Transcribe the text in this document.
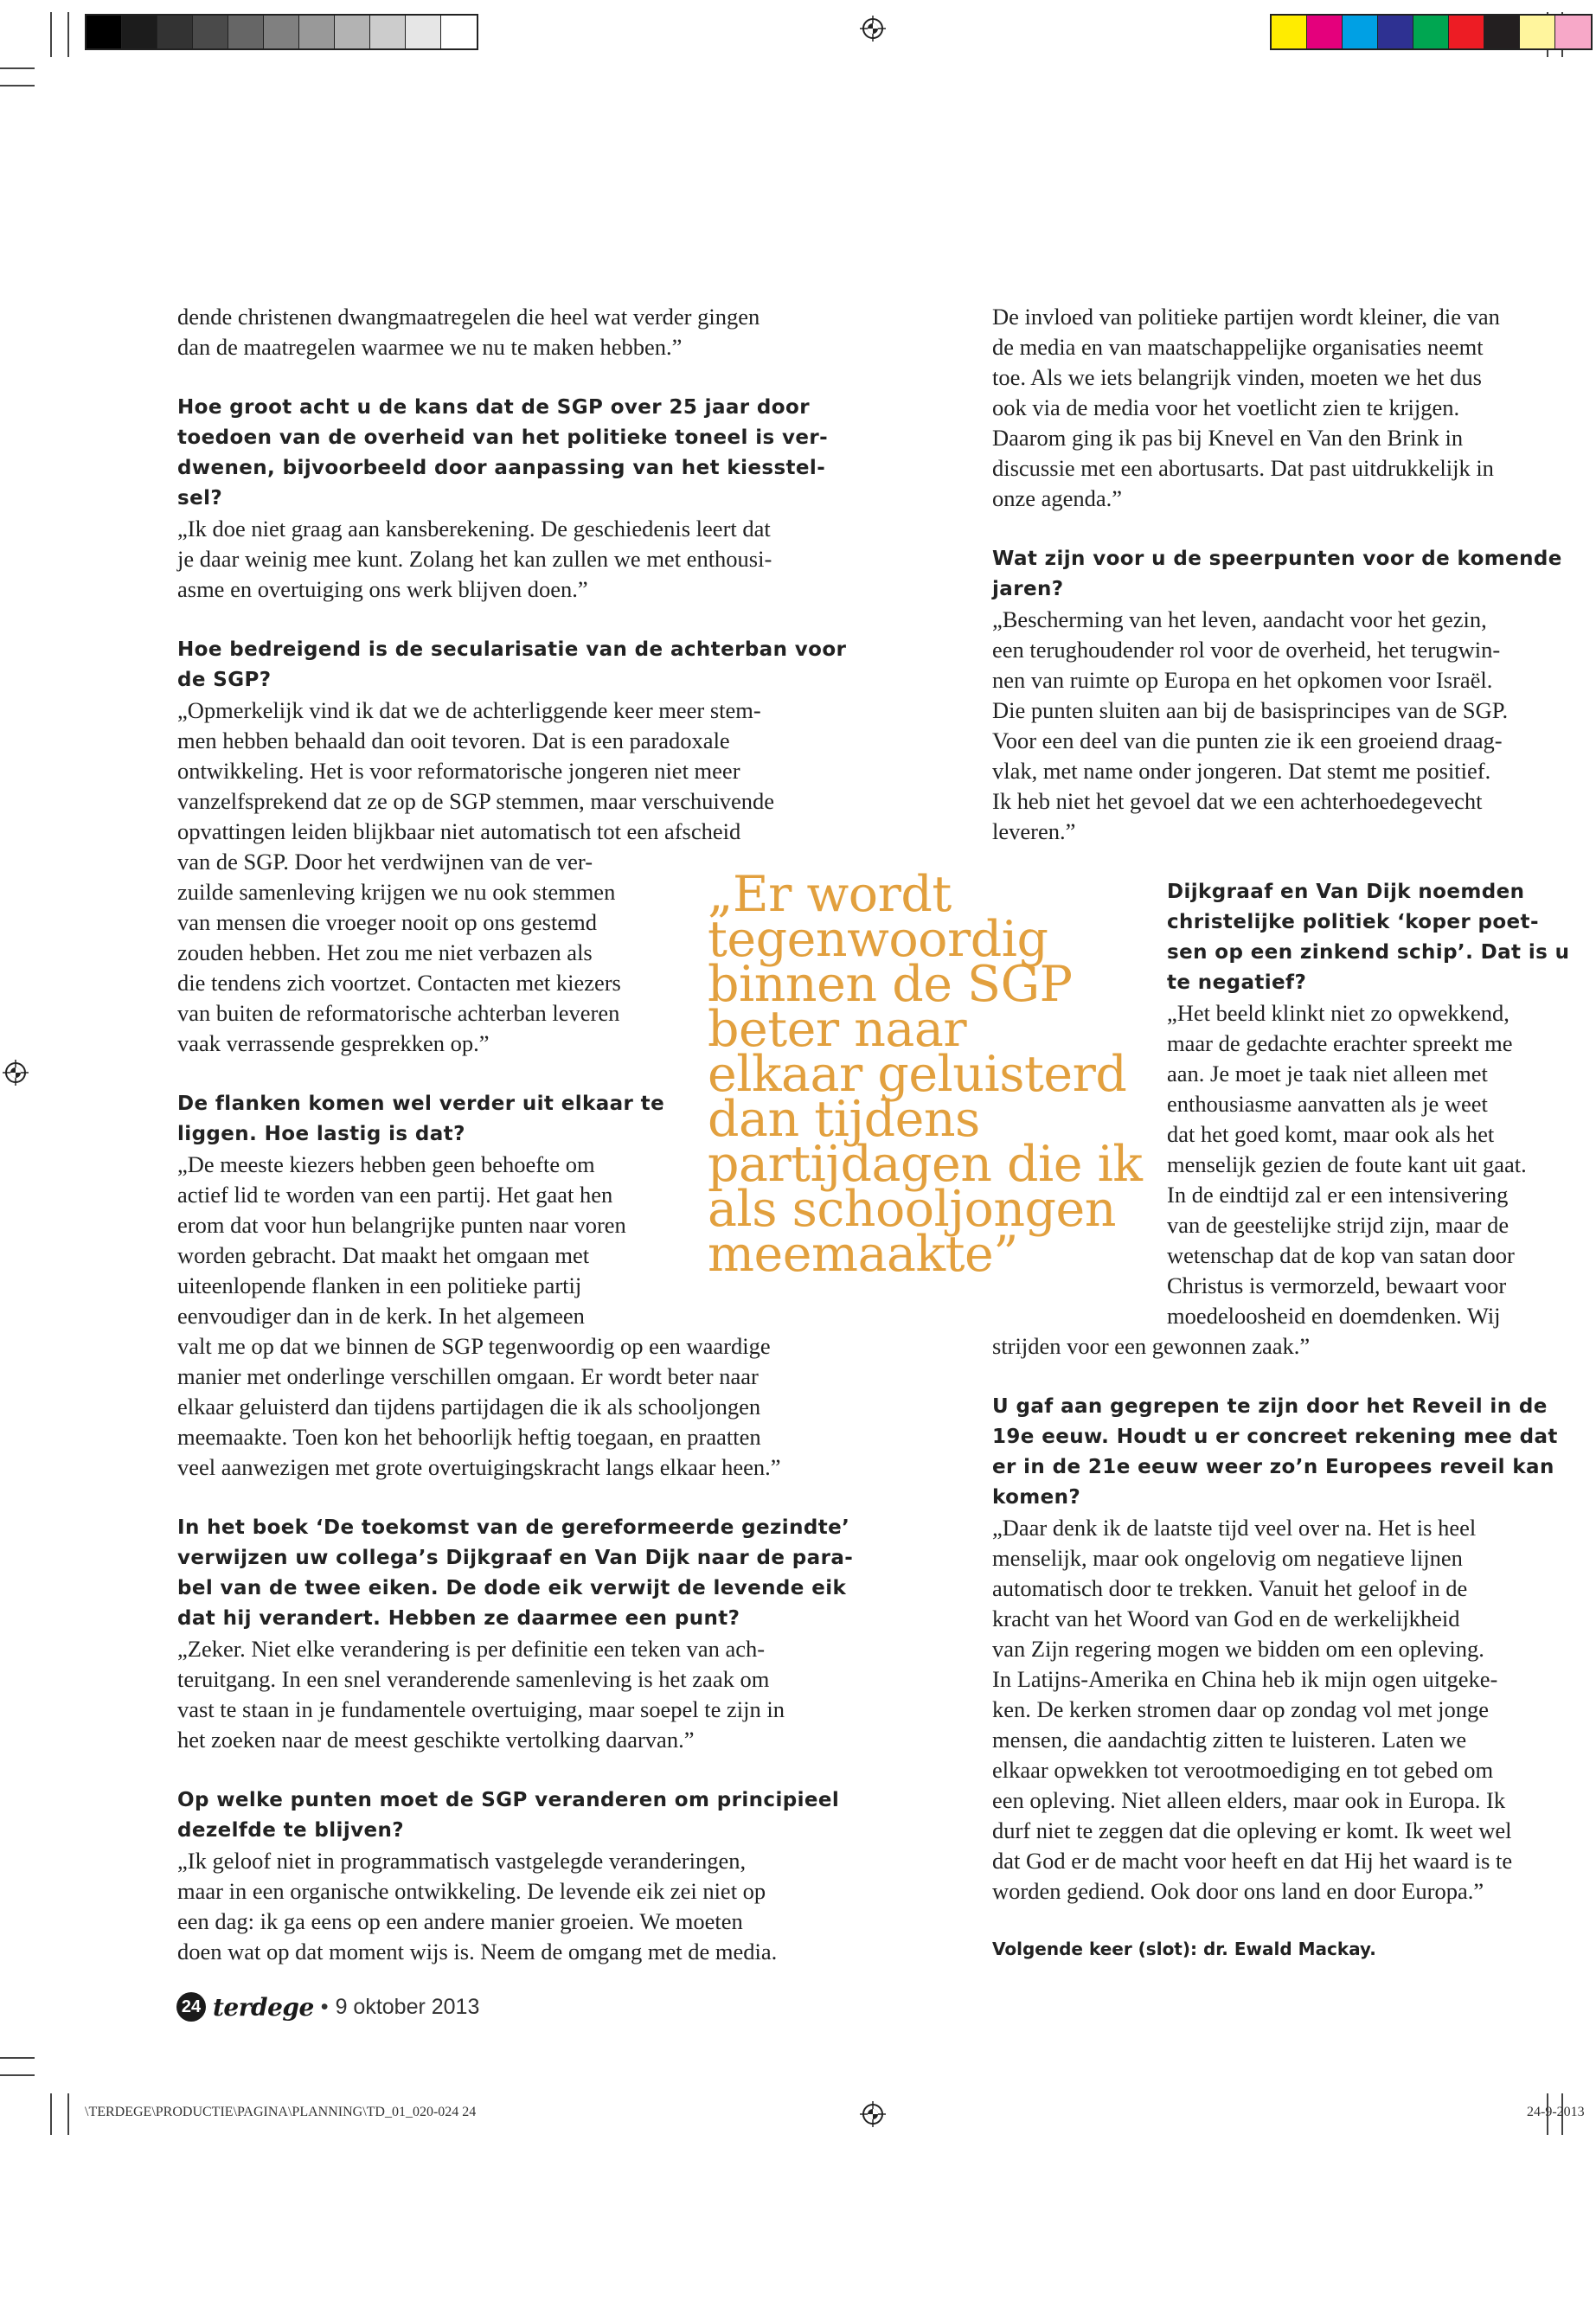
dende christenen dwangmaatregelen die heel wat verder gingen

dan de maatregelen waarmee we nu te maken hebben.”

Hoe groot acht u de kans dat de SGP over 25 jaar door

toedoen van de overheid van het politieke toneel is ver-

dwenen, bijvoorbeeld door aanpassing van het kiesstel-

sel?

„Ik doe niet graag aan kansberekening. De geschiedenis leert dat

je daar weinig mee kunt. Zolang het kan zullen we met enthousi-

asme en overtuiging ons werk blijven doen.”

Hoe bedreigend is de secularisatie van de achterban voor

de SGP?

„Opmerkelijk vind ik dat we de achterliggende keer meer stem-

men hebben behaald dan ooit tevoren. Dat is een paradoxale

ontwikkeling. Het is voor reformatorische jongeren niet meer

vanzelfsprekend dat ze op de SGP stemmen, maar verschuivende

opvattingen leiden blijkbaar niet automatisch tot een afscheid

van de SGP. Door het verdwijnen van de ver-

zuilde samenleving krijgen we nu ook stemmen

van mensen die vroeger nooit op ons gestemd

zouden hebben. Het zou me niet verbazen als

die tendens zich voortzet. Contacten met kiezers

van buiten de reformatorische achterban leveren

vaak verrassende gesprekken op.”

De flanken komen wel verder uit elkaar te

liggen. Hoe lastig is dat?

„De meeste kiezers hebben geen behoefte om

actief lid te worden van een partij. Het gaat hen

erom dat voor hun belangrijke punten naar voren

worden gebracht. Dat maakt het omgaan met

uiteenlopende flanken in een politieke partij

eenvoudiger dan in de kerk. In het algemeen

valt me op dat we binnen de SGP tegenwoordig op een waardige

manier met onderlinge verschillen omgaan. Er wordt beter naar

elkaar geluisterd dan tijdens partijdagen die ik als schooljongen

meemaakte. Toen kon het behoorlijk heftig toegaan, en praatten

veel aanwezigen met grote overtuigingskracht langs elkaar heen.”

In het boek ‘De toekomst van de gereformeerde gezindte’

verwijzen uw collega’s Dijkgraaf en Van Dijk naar de para-

bel van de twee eiken. De dode eik verwijt de levende eik

dat hij verandert. Hebben ze daarmee een punt?

„Zeker. Niet elke verandering is per definitie een teken van ach-

teruitgang. In een snel veranderende samenleving is het zaak om

vast te staan in je fundamentele overtuiging, maar soepel te zijn in

het zoeken naar de meest geschikte vertolking daarvan.”

Op welke punten moet de SGP veranderen om principieel

dezelfde te blijven?

„Ik geloof niet in programmatisch vastgelegde veranderingen,

maar in een organische ontwikkeling. De levende eik zei niet op

een dag: ik ga eens op een andere manier groeien. We moeten

doen wat op dat moment wijs is. Neem de omgang met de media.

De invloed van politieke partijen wordt kleiner, die van

de media en van maatschappelijke organisaties neemt

toe. Als we iets belangrijk vinden, moeten we het dus

ook via de media voor het voetlicht zien te krijgen.

Daarom ging ik pas bij Knevel en Van den Brink in

discussie met een abortusarts. Dat past uitdrukkelijk in

onze agenda.”

Wat zijn voor u de speerpunten voor de komende

jaren?

„Bescherming van het leven, aandacht voor het gezin,

een terughoudender rol voor de overheid, het terugwin-

nen van ruimte op Europa en het opkomen voor Israël.

Die punten sluiten aan bij de basisprincipes van de SGP.

Voor een deel van die punten zie ik een groeiend draag-

vlak, met name onder jongeren. Dat stemt me positief.

Ik heb niet het gevoel dat we een achterhoedegevecht

leveren.”

Dijkgraaf en Van Dijk noemden

christelijke politiek ‘koper poet-

sen op een zinkend schip’. Dat is u

te negatief?

„Het beeld klinkt niet zo opwekkend,

maar de gedachte erachter spreekt me

aan. Je moet je taak niet alleen met

enthousiasme aanvatten als je weet

dat het goed komt, maar ook als het

menselijk gezien de foute kant uit gaat.

In de eindtijd zal er een intensivering

van de geestelijke strijd zijn, maar de

wetenschap dat de kop van satan door

Christus is vermorzeld, bewaart voor

moedeloosheid en doemdenken. Wij

strijden voor een gewonnen zaak.”

U gaf aan gegrepen te zijn door het Reveil in de

19e eeuw. Houdt u er concreet rekening mee dat

er in de 21e eeuw weer zo’n Europees reveil kan

komen?

„Daar denk ik de laatste tijd veel over na. Het is heel

menselijk, maar ook ongelovig om negatieve lijnen

automatisch door te trekken. Vanuit het geloof in de

kracht van het Woord van God en de werkelijkheid

van Zijn regering mogen we bidden om een opleving.

In Latijns-Amerika en China heb ik mijn ogen uitgeke-

ken. De kerken stromen daar op zondag vol met jonge

mensen, die aandachtig zitten te luisteren. Laten we

elkaar opwekken tot verootmoediging en tot gebed om

een opleving. Niet alleen elders, maar ook in Europa. Ik

durf niet te zeggen dat die opleving er komt. Ik weet wel

dat God er de macht voor heeft en dat Hij het waard is te

worden gediend. Ook door ons land en door Europa.”

Volgende keer (slot): dr. Ewald Mackay.

„Er wordt
tegenwoordig
binnen de SGP
beter naar
elkaar geluisterd
dan tijdens
partijdagen die ik
als schooljongen
meemaakte”
24 terdege • 9 oktober 2013
\TERDEGE\PRODUCTIE\PAGINA\PLANNING\TD_01_020-024 24	24-9-2013
